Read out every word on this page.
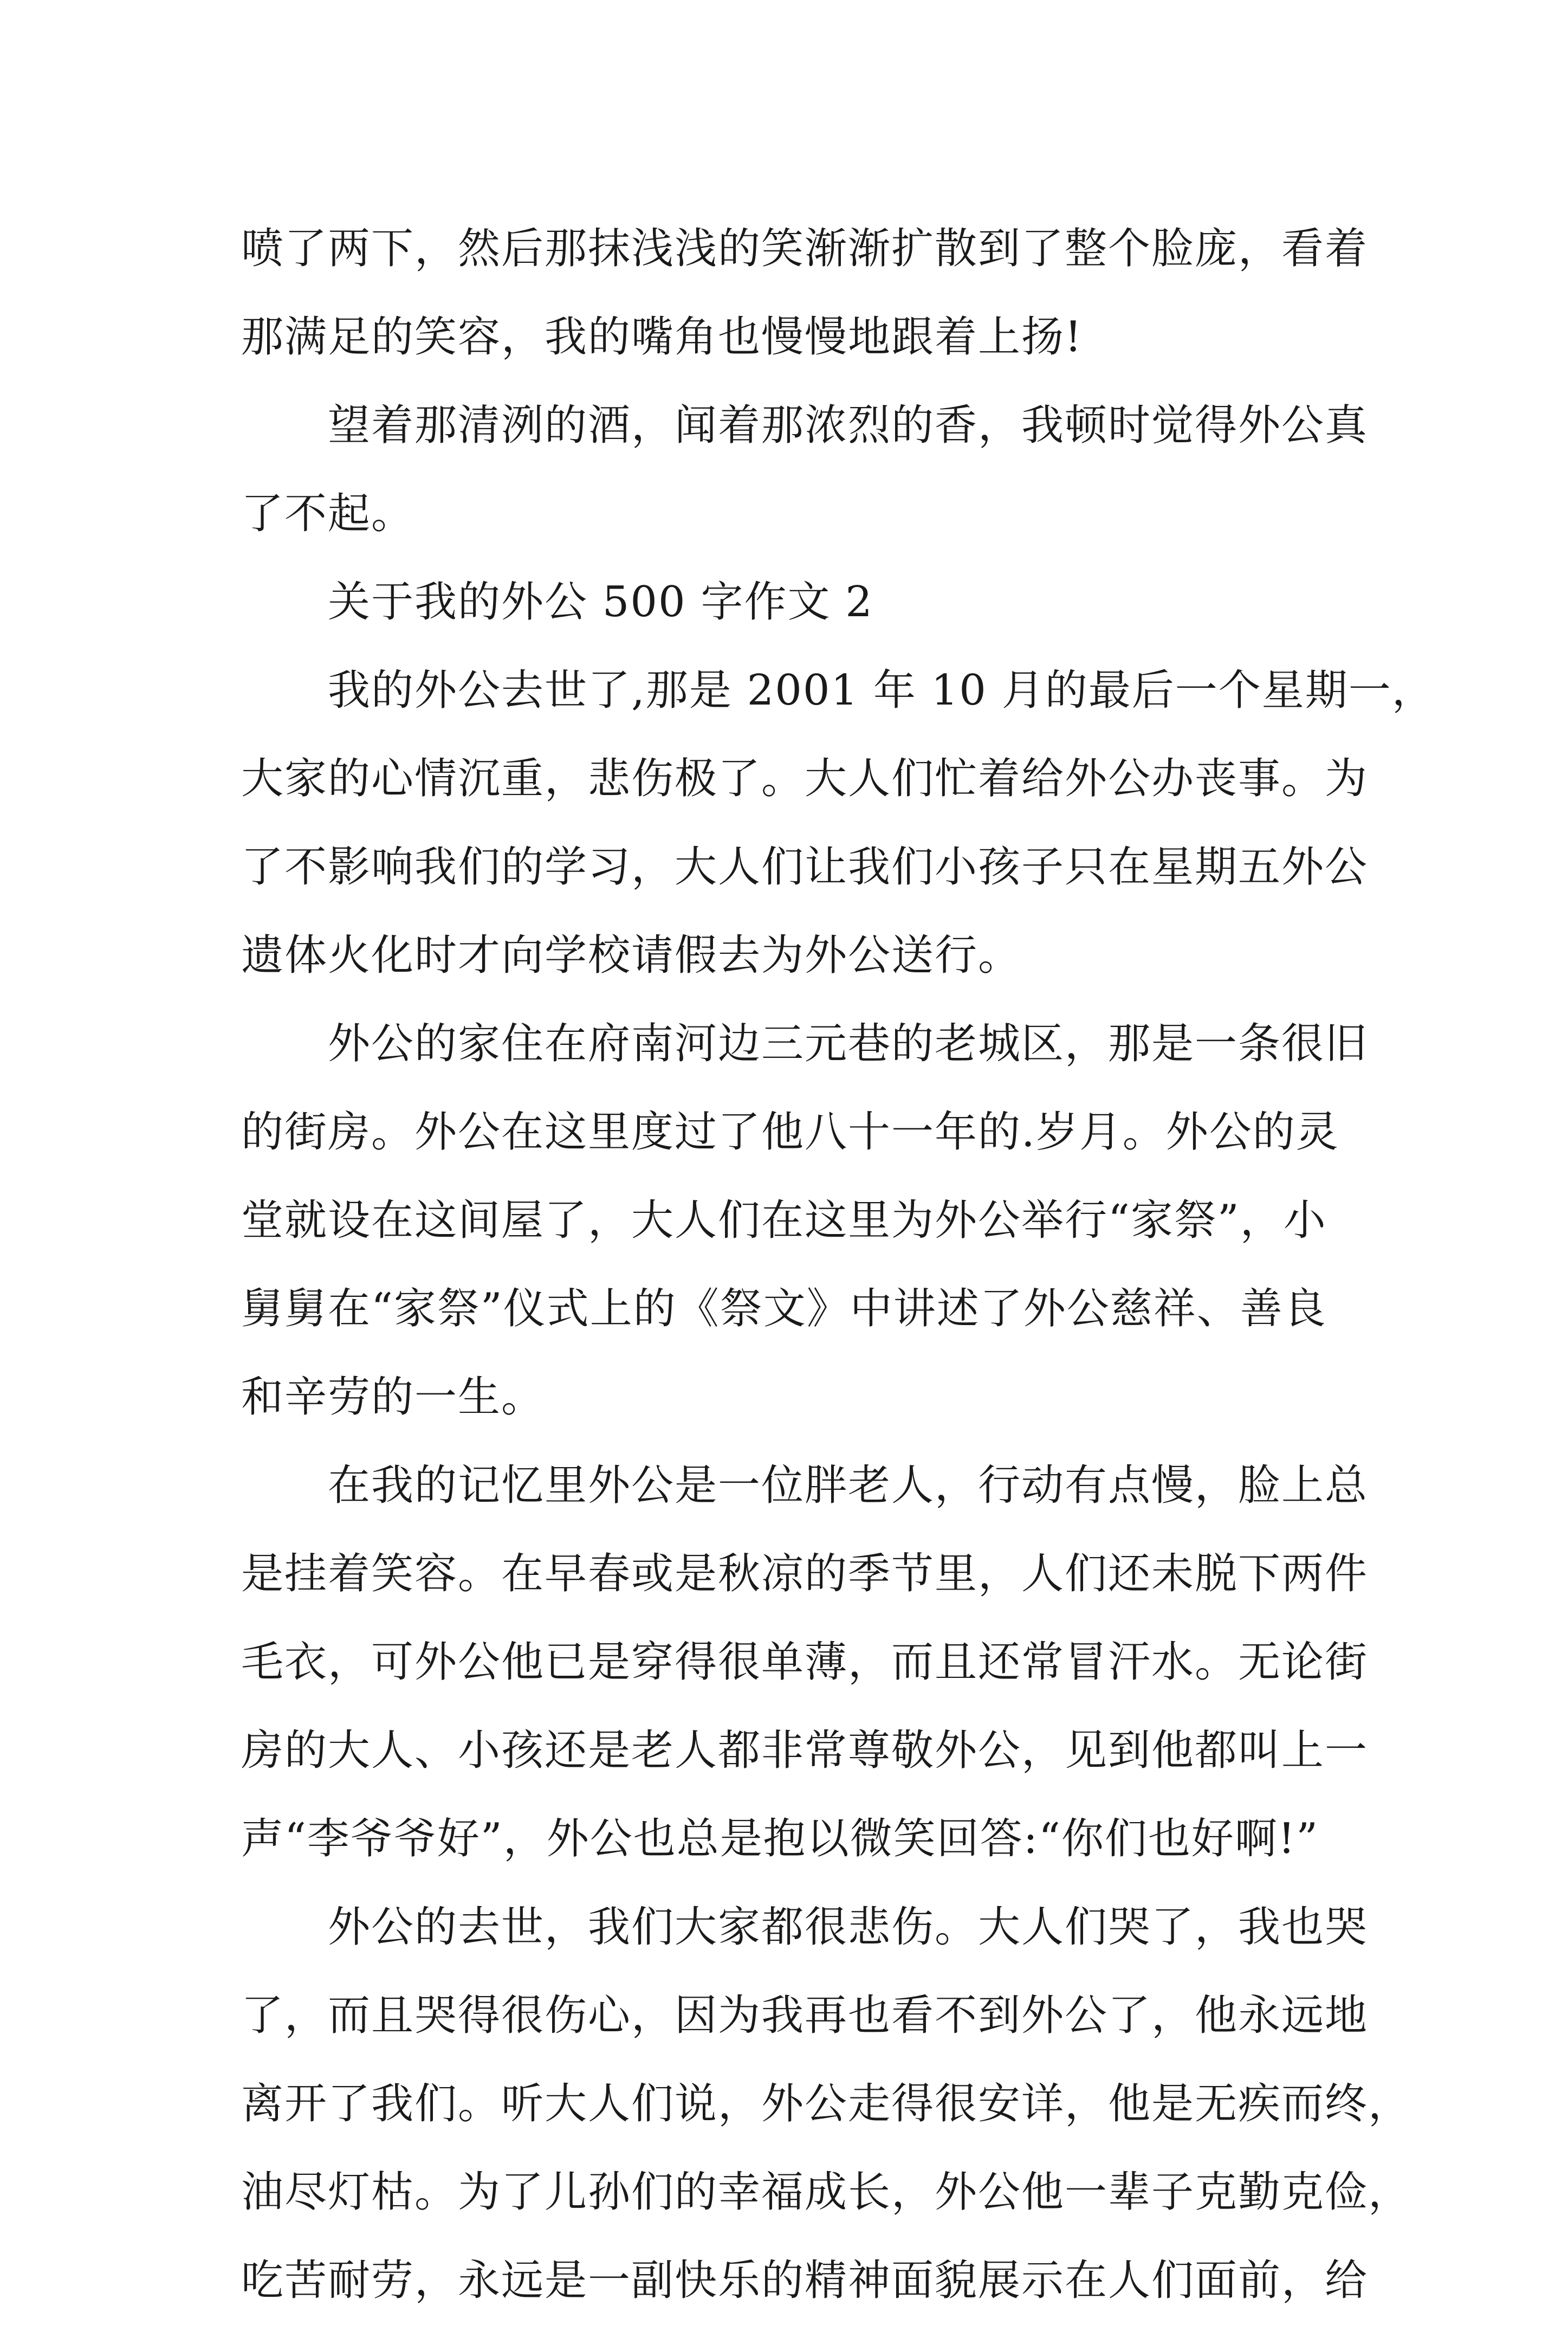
喷了两下，然后那抹浅浅的笑渐渐扩散到了整个脸庞，看着
那满足的笑容，我的嘴角也慢慢地跟着上扬!
望着那清洌的酒，闻着那浓烈的香，我顿时觉得外公真
了不起。
关于我的外公 500 字作文 2
我的外公去世了,那是 2001 年 10 月的最后一个星期一，
大家的心情沉重，悲伤极了。大人们忙着给外公办丧事。为
了不影响我们的学习，大人们让我们小孩子只在星期五外公
遗体火化时才向学校请假去为外公送行。
外公的家住在府南河边三元巷的老城区，那是一条很旧
的街房。外公在这里度过了他八十一年的.岁月。外公的灵
堂就设在这间屋了，大人们在这里为外公举行“家祭”，小
舅舅在“家祭”仪式上的《祭文》中讲述了外公慈祥、善良
和辛劳的一生。
在我的记忆里外公是一位胖老人，行动有点慢，脸上总
是挂着笑容。在早春或是秋凉的季节里，人们还未脱下两件
毛衣，可外公他已是穿得很单薄，而且还常冒汗水。无论街
房的大人、小孩还是老人都非常尊敬外公，见到他都叫上一
声“李爷爷好”，外公也总是抱以微笑回答:“你们也好啊!”
外公的去世，我们大家都很悲伤。大人们哭了，我也哭
了，而且哭得很伤心，因为我再也看不到外公了，他永远地
离开了我们。听大人们说，外公走得很安详，他是无疾而终，
油尽灯枯。为了儿孙们的幸福成长，外公他一辈子克勤克俭，
吃苦耐劳，永远是一副快乐的精神面貌展示在人们面前，给
